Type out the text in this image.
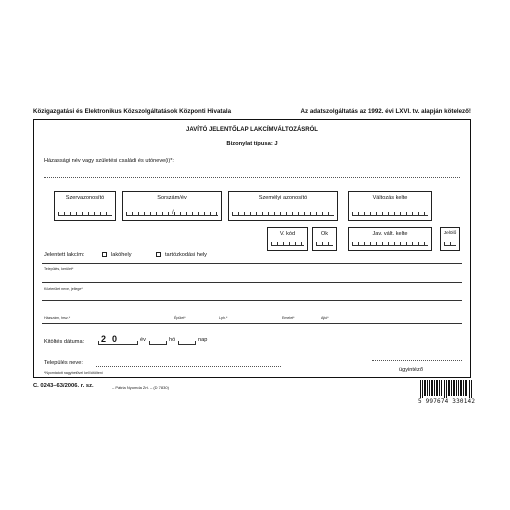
Közigazgatási és Elektronikus Közszolgáltatások Központi Hivatala	Az adatszolgáltatás az 1992. évi LXVI. tv. alapján kötelező!
JAVÍTÓ JELENTŐLAP LAKCÍMVÁLTOZÁSRÓL
Bizonylat típusa: J
Házassági név vagy születési családi és utóneve(i)*:
Szervazonosító	Sorszám/év
/
Személyi azonosító	Változás kelte
V. kód	Ok	Jav. vált. kelte	Jelölő
Jelentett lakcím:	lakóhely	tartózkodási hely
Település, kerület*
Közterület neve, jellege*
Házszám, hrsz.*	Épület*	Lph.*	Emelet*	Ajtó*
Kitöltés dátuma: 2 0	év	hó	nap
Település neve:
ügyintéző
*Nyomtatott nagybetűvel kell kitölteni
C. 0243–63/2006. r. sz.	– Pátria Nyomda Zrt. – (D 7830)
5 997674 330142
